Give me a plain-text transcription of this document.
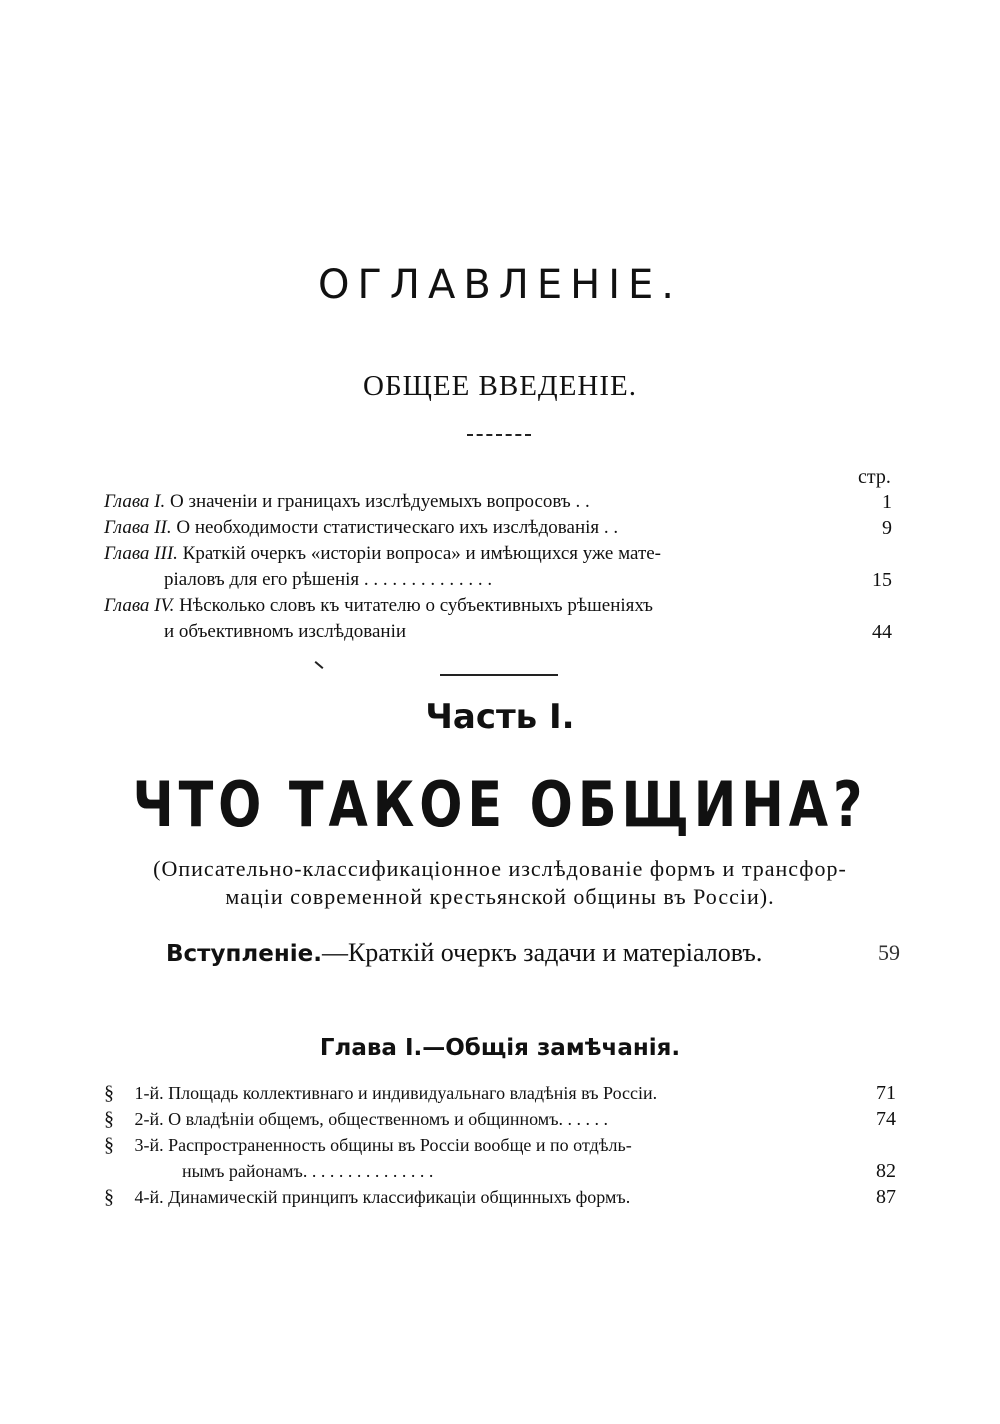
ОГЛАВЛЕНІЕ.
ОБЩЕЕ ВВЕДЕНІЕ.
стр.
Глава I. О значеніи и границахъ изслѣдуемыхъ вопросовъ . .	1
Глава II. О необходимости статистическаго ихъ изслѣдованія . .	9
Глава III. Краткій очеркъ «исторіи вопроса» и имѣющихся уже мате-
ріаловъ для его рѣшенія . . . . . . . . . . . . . .	15
Глава IV. Нѣсколько словъ къ читателю о субъективныхъ рѣшеніяхъ
и объективномъ изслѣдованіи	44
Часть I.
ЧТО ТАКОЕ ОБЩИНА?
(Описательно-классификаціонное изслѣдованіе формъ и трансфор-
маціи современной крестьянской общины въ Россіи).
Вступленіе.—Краткій очеркъ задачи и матеріаловъ.	59
Глава I.—Общія замѣчанія.
§ 1-й. Площадь коллективнаго и индивидуальнаго владѣнія въ Россіи.	71
§ 2-й. О владѣніи общемъ, общественномъ и общинномъ. . . . . .	74
§ 3-й. Распространенность общины въ Россіи вообще и по отдѣль-
нымъ районамъ. . . . . . . . . . . . . . .	82
§ 4-й. Динамическій принципъ классификаціи общинныхъ формъ.	87
